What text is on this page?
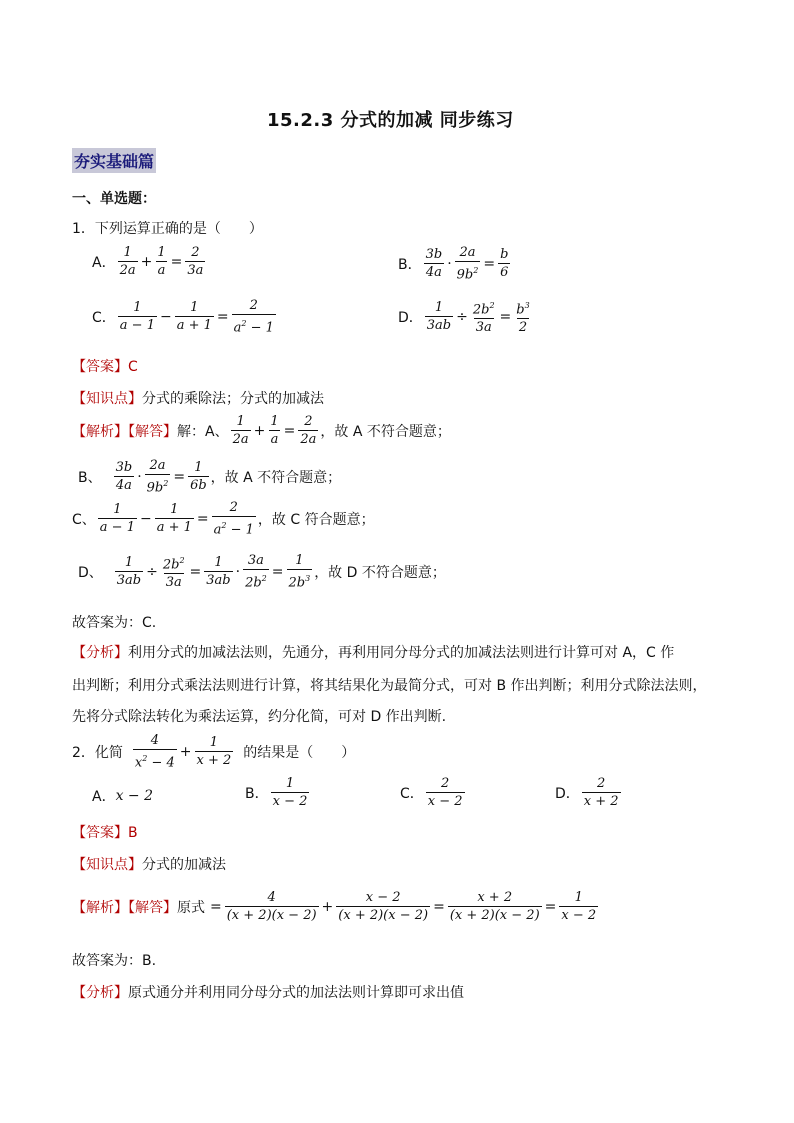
15.2.3 分式的加减 同步练习
夯实基础篇
一、单选题：
1．下列运算正确的是（　　）
A． $\frac{1}{2a} + \frac{1}{a} = \frac{2}{3a}$	B． $\frac{3b}{4a} \cdot \frac{2a}{9b^2} = \frac{b}{6}$
C． $\frac{1}{a - 1} - \frac{1}{a + 1} = \frac{2}{a^2 - 1}$	D． $\frac{1}{3ab} \div \frac{2b^2}{3a} = \frac{b^3}{2}$
【答案】C
【知识点】分式的乘除法；分式的加减法
【解析】【解答】 解：A、 $\frac{1}{2a} + \frac{1}{a} = \frac{2}{2a}$ ，故 A 不符合题意；
B、 $\frac{3b}{4a} \cdot \frac{2a}{9b^2} = \frac{1}{6b}$ ，故 A 不符合题意；
C、 $\frac{1}{a - 1} - \frac{1}{a + 1} = \frac{2}{a^2 - 1}$ ，故 C 符合题意；
D、 $\frac{1}{3ab} \div \frac{2b^2}{3a} = \frac{1}{3ab} \cdot \frac{3a}{2b^2} = \frac{1}{2b^3}$ ，故 D 不符合题意；
故答案为：C.
【分析】利用分式的加减法法则，先通分，再利用同分母分式的加减法法则进行计算可对 A，C 作
出判断；利用分式乘法法则进行计算，将其结果化为最简分式，可对 B 作出判断；利用分式除法法则，
先将分式除法转化为乘法运算，约分化简，可对 D 作出判断.
2．化简 $\frac{4}{x^2 - 4} + \frac{1}{x + 2}$ 的结果是（　　）
A． x − 2	B． $\frac{1}{x - 2}$	C． $\frac{2}{x - 2}$	D． $\frac{2}{x + 2}$
【答案】B
【知识点】分式的加减法
【解析】【解答】 原式 = $\frac{4}{(x + 2)(x - 2)} + \frac{x - 2}{(x + 2)(x - 2)} = \frac{x + 2}{(x + 2)(x - 2)} = \frac{1}{x - 2}$
故答案为：B.
【分析】原式通分并利用同分母分式的加法法则计算即可求出值
